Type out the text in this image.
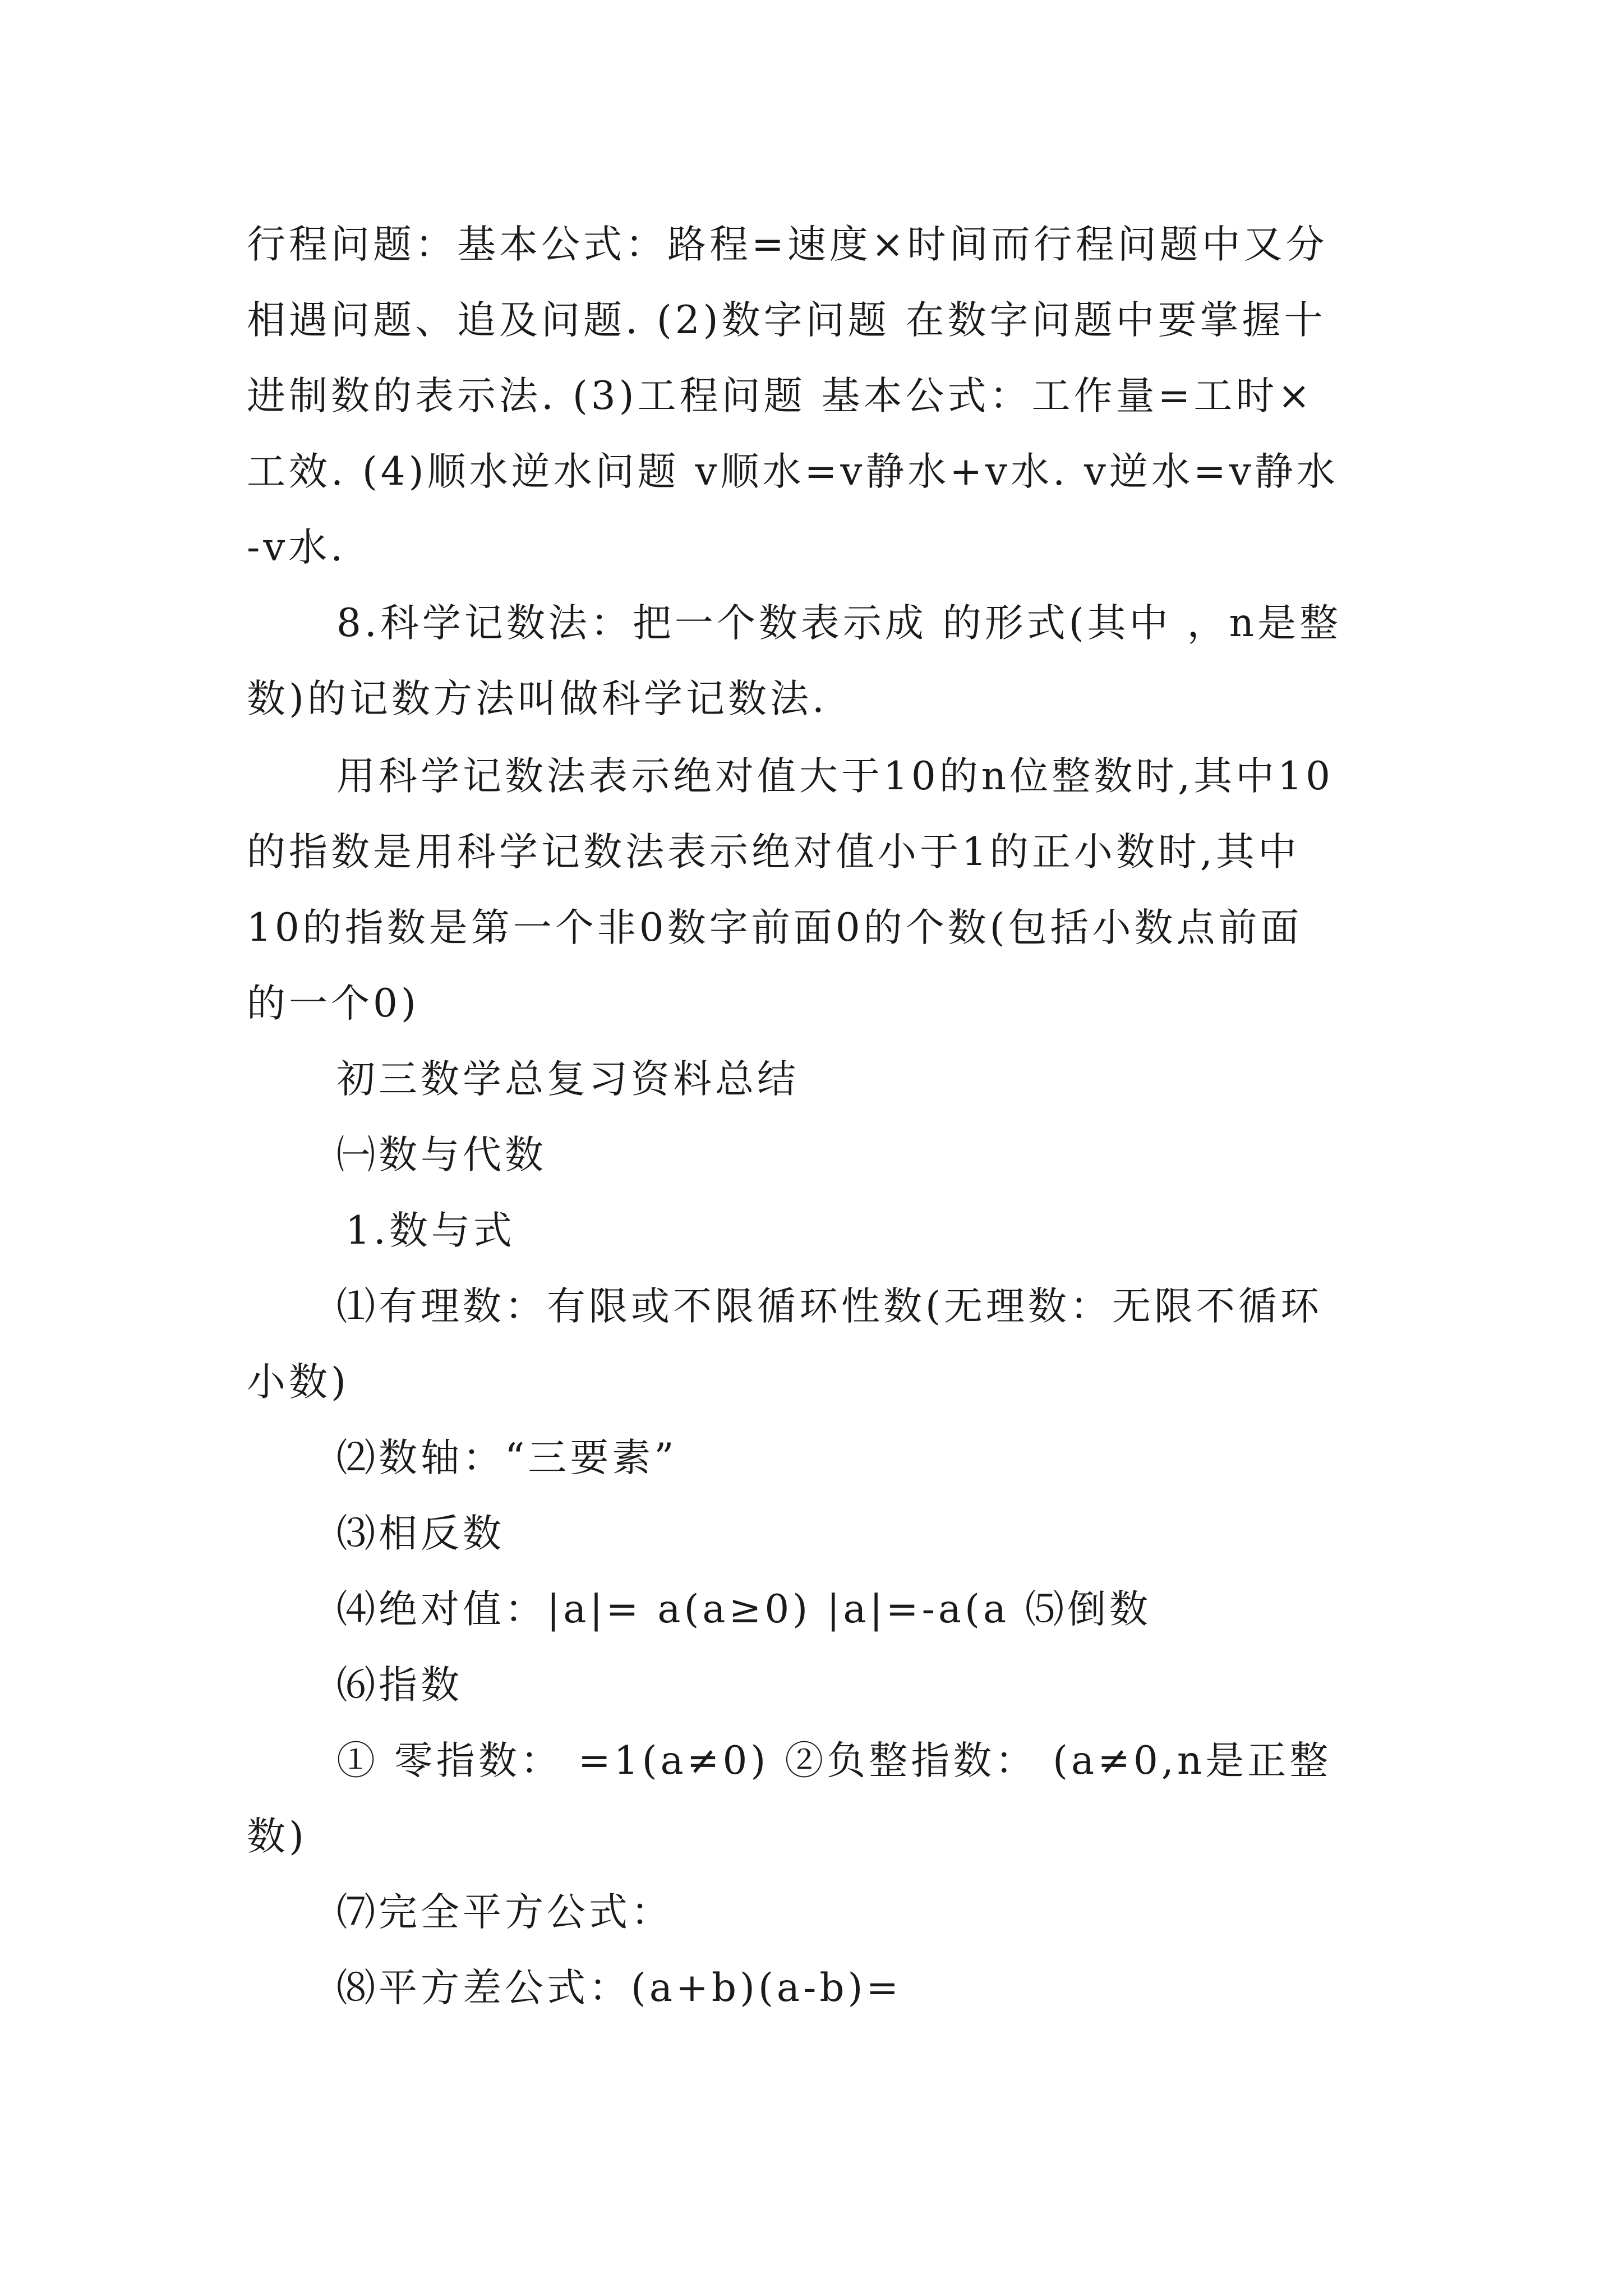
行程问题：基本公式：路程=速度×时间而行程问题中又分
相遇问题、追及问题. (2)数字问题 在数字问题中要掌握十
进制数的表示法. (3)工程问题 基本公式：工作量=工时×
工效. (4)顺水逆水问题 v顺水=v静水+v水. v逆水=v静水
-v水.
8.科学记数法：把一个数表示成 的形式(其中 ，n是整
数)的记数方法叫做科学记数法.
用科学记数法表示绝对值大于10的n位整数时,其中10
的指数是用科学记数法表示绝对值小于1的正小数时,其中
10的指数是第一个非0数字前面0的个数(包括小数点前面
的一个0)
初三数学总复习资料总结
㈠数与代数
1.数与式
⑴有理数：有限或不限循环性数(无理数：无限不循环
小数)
⑵数轴：“三要素”
⑶相反数
⑷绝对值：|a|= a(a≥0) |a|=-a(a ⑸倒数
⑹指数
① 零指数： =1(a≠0) ②负整指数： (a≠0,n是正整
数)
⑺完全平方公式：
⑻平方差公式：(a+b)(a-b)=
